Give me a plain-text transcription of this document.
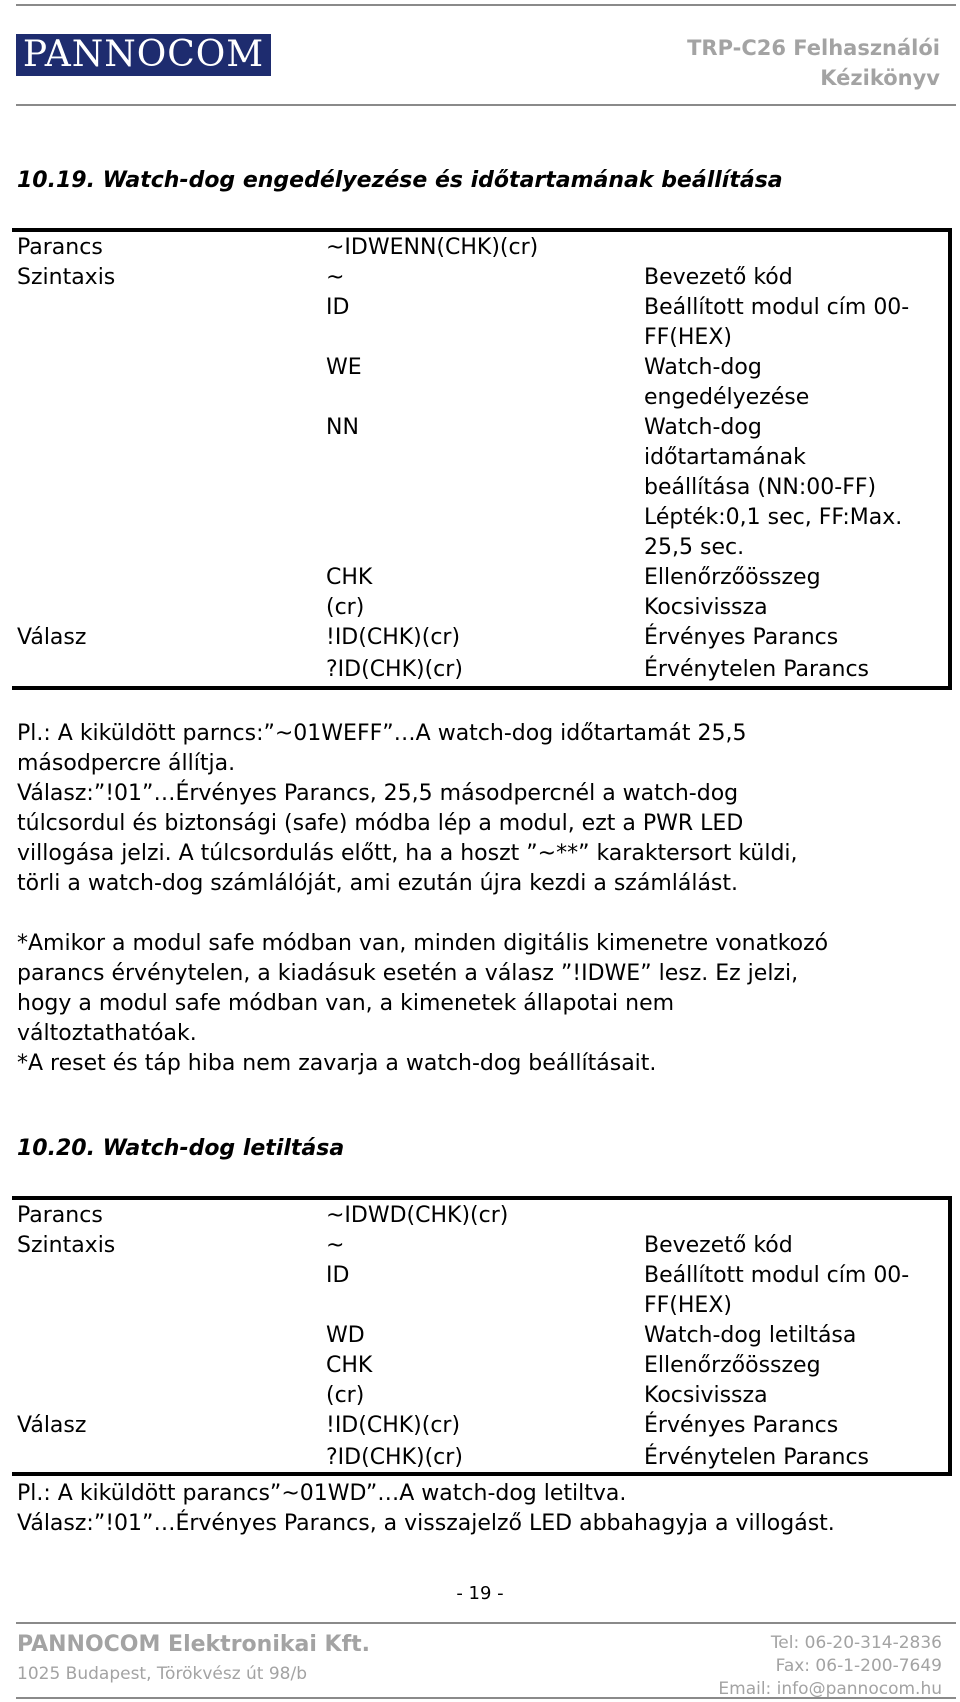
PANNOCOM	TRP-C26 Felhasználói
Kézikönyv
10.19. Watch-dog engedélyezése és időtartamának beállítása
Parancs	~IDWENN(CHK)(cr)
Szintaxis	~	Bevezető kód
ID	Beállított modul cím 00-
FF(HEX)
WE	Watch-dog
engedélyezése
NN	Watch-dog
időtartamának
beállítása (NN:00-FF)
Lépték:0,1 sec, FF:Max.
25,5 sec.
CHK	Ellenőrzőösszeg
(cr)	Kocsivissza
Válasz	!ID(CHK)(cr)	Érvényes Parancs
?ID(CHK)(cr)	Érvénytelen Parancs
Pl.: A kiküldött parncs:”~01WEFF”…A watch-dog időtartamát 25,5
másodpercre állítja.
Válasz:”!01”…Érvényes Parancs, 25,5 másodpercnél a watch-dog
túlcsordul és biztonsági (safe) módba lép a modul, ezt a PWR LED
villogása jelzi. A túlcsordulás előtt, ha a hoszt ”~**” karaktersort küldi,
törli a watch-dog számlálóját, ami ezután újra kezdi a számlálást.
*Amikor a modul safe módban van, minden digitális kimenetre vonatkozó
parancs érvénytelen, a kiadásuk esetén a válasz ”!IDWE” lesz. Ez jelzi,
hogy a modul safe módban van, a kimenetek állapotai nem
változtathatóak.
*A reset és táp hiba nem zavarja a watch-dog beállításait.
10.20. Watch-dog letiltása
Parancs	~IDWD(CHK)(cr)
Szintaxis	~	Bevezető kód
ID	Beállított modul cím 00-
FF(HEX)
WD	Watch-dog letiltása
CHK	Ellenőrzőösszeg
(cr)	Kocsivissza
Válasz	!ID(CHK)(cr)	Érvényes Parancs
?ID(CHK)(cr)	Érvénytelen Parancs
Pl.: A kiküldött parancs”~01WD”…A watch-dog letiltva.
Válasz:”!01”…Érvényes Parancs, a visszajelző LED abbahagyja a villogást.
- 19 -
PANNOCOM Elektronikai Kft.
1025 Budapest, Törökvész út 98/b
Tel: 06-20-314-2836
Fax: 06-1-200-7649
Email: info@pannocom.hu
